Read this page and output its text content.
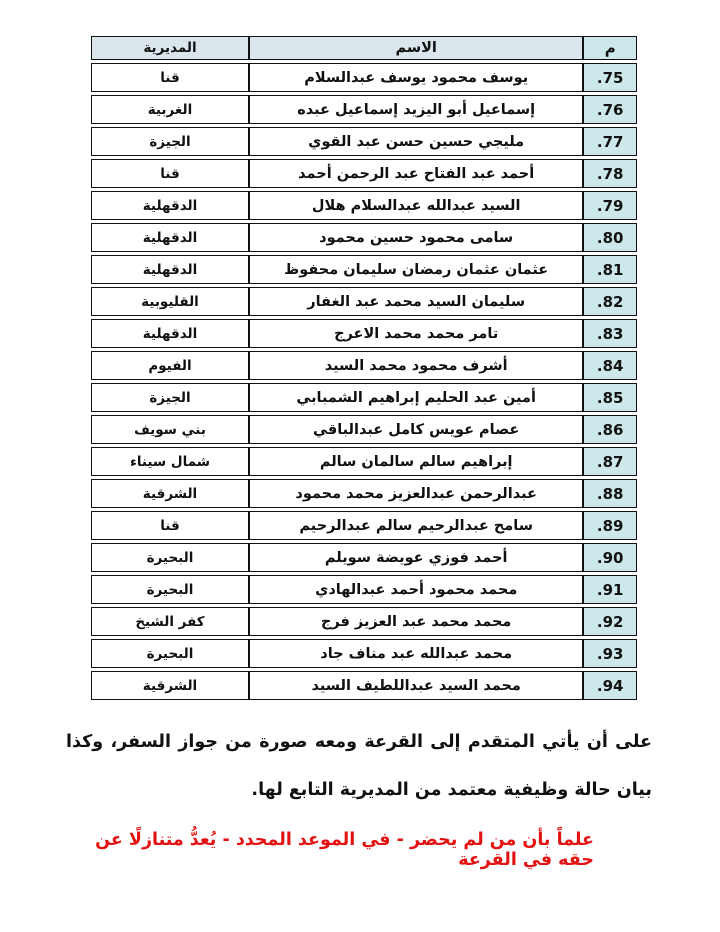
م	الاسم	المديرية
.75	يوسف محمود يوسف عبدالسلام	قنا
.76	إسماعيل أبو اليزيد إسماعيل عبده	الغربية
.77	مليجي حسين حسن عبد القوي	الجيزة
.78	أحمد عبد الفتاح عبد الرحمن أحمد	قنا
.79	السيد عبدالله عبدالسلام هلال	الدقهلية
.80	سامى محمود حسين محمود	الدقهلية
.81	عثمان عثمان رمضان سليمان محفوظ	الدقهلية
.82	سليمان السيد محمد عبد الغفار	القليوبية
.83	تامر محمد محمد الاعرج	الدقهلية
.84	أشرف محمود محمد السيد	الفيوم
.85	أمين عبد الحليم إبراهيم الشمبابي	الجيزة
.86	عصام عويس كامل عبدالباقي	بني سويف
.87	إبراهيم سالم سالمان سالم	شمال سيناء
.88	عبدالرحمن عبدالعزيز محمد محمود	الشرقية
.89	سامح عبدالرحيم سالم عبدالرحيم	قنا
.90	أحمد فوزي عويضة سويلم	البحيرة
.91	محمد محمود أحمد عبدالهادي	البحيرة
.92	محمد محمد عبد العزيز فرج	كفر الشيخ
.93	محمد عبدالله عبد مناف جاد	البحيرة
.94	محمد السيد عبداللطيف السيد	الشرقية

على أن يأتي المتقدم إلى القرعة ومعه صورة من جواز السفر، وكذا بيان حالة وظيفية معتمد من المديرية التابع لها.

علماً بأن من لم يحضر - في الموعد المحدد - يُعدُّ متنازلًا عن حقه في القرعة
